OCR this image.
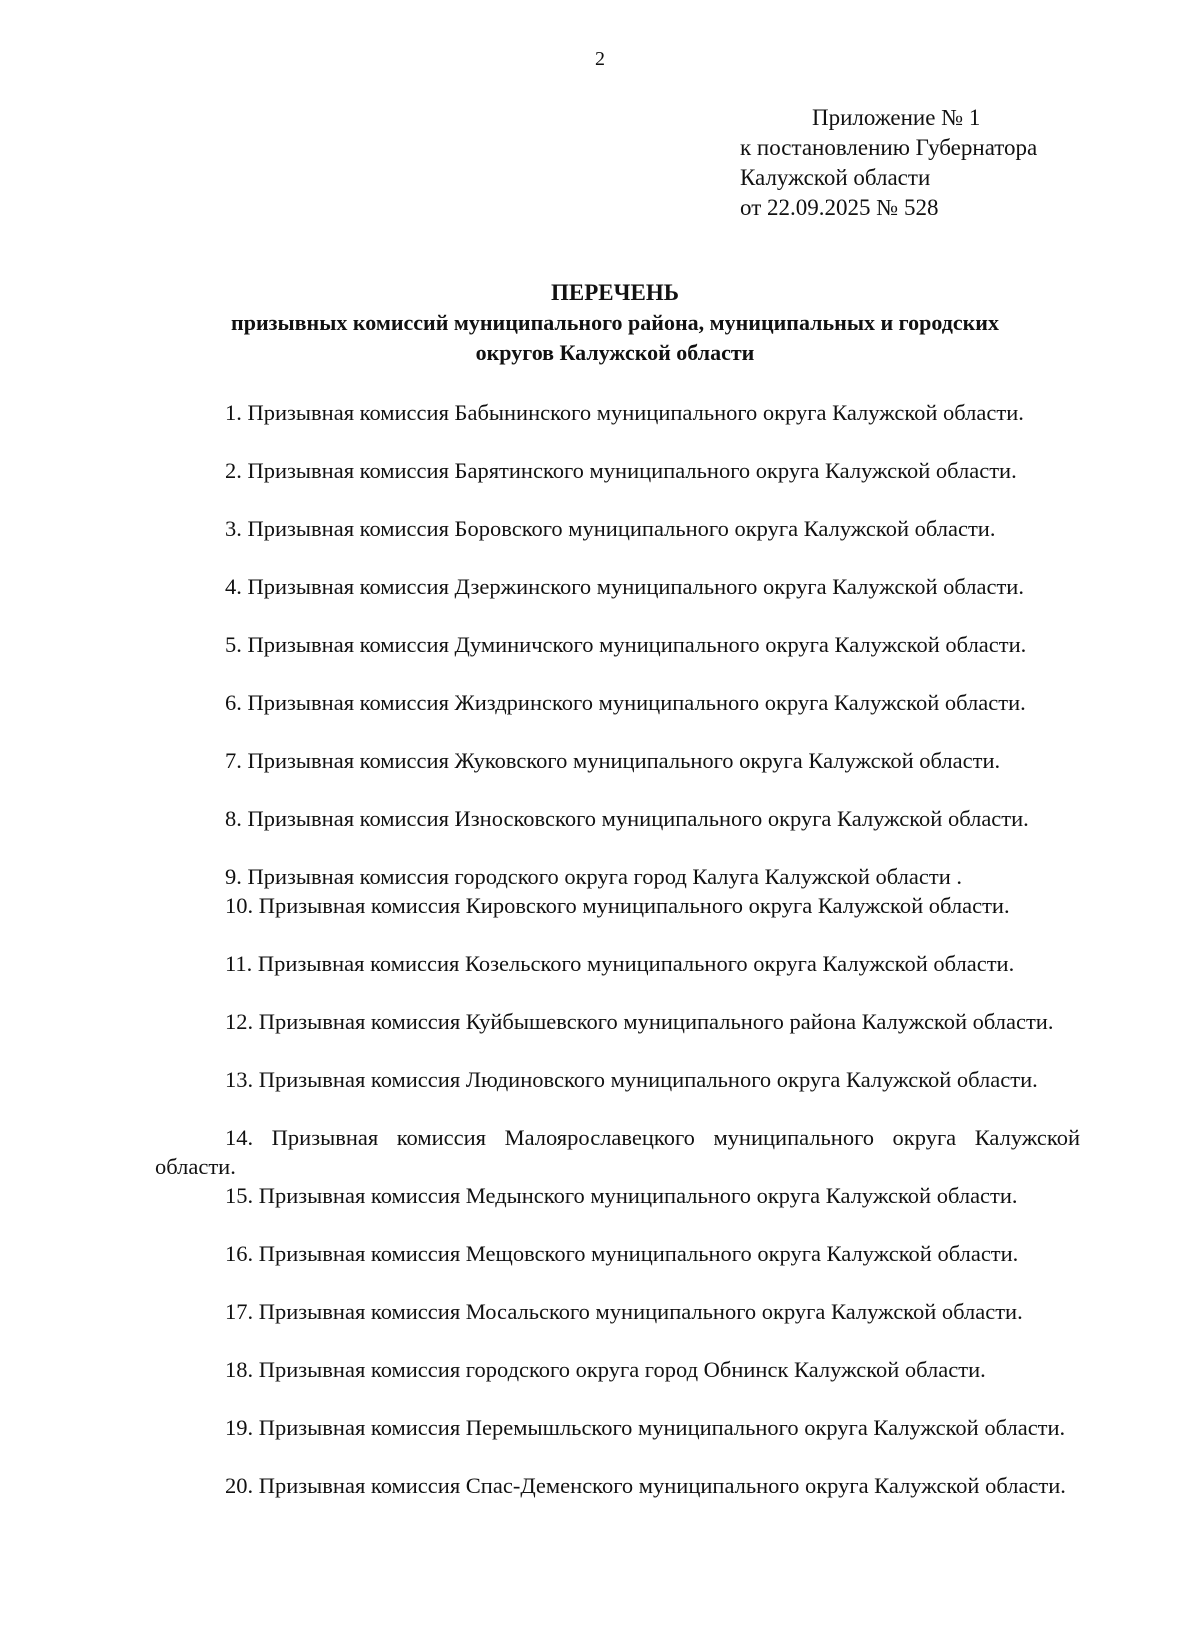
2
Приложение № 1
к постановлению Губернатора
Калужской области
от 22.09.2025 № 528
ПЕРЕЧЕНЬ
призывных комиссий муниципального района, муниципальных и городских
округов Калужской области

1. Призывная комиссия Бабынинского муниципального округа Калужской области.

2. Призывная комиссия Барятинского муниципального округа Калужской области.

3. Призывная комиссия Боровского муниципального округа Калужской области.

4. Призывная комиссия Дзержинского муниципального округа Калужской области.

5. Призывная комиссия Думиничского муниципального округа Калужской области.

6. Призывная комиссия Жиздринского муниципального округа Калужской области.

7. Призывная комиссия Жуковского муниципального округа Калужской области.

8. Призывная комиссия Износковского муниципального округа Калужской области.

9. Призывная комиссия городского округа город Калуга Калужской области .

10. Призывная комиссия Кировского муниципального округа Калужской области.

11. Призывная комиссия Козельского муниципального округа Калужской области.

12. Призывная комиссия Куйбышевского муниципального района Калужской области.

13. Призывная комиссия Людиновского муниципального округа Калужской области.

14. Призывная комиссия Малоярославецкого муниципального округа Калужской области.

15. Призывная комиссия Медынского муниципального округа Калужской области.

16. Призывная комиссия Мещовского муниципального округа Калужской области.

17. Призывная комиссия Мосальского муниципального округа Калужской области.

18. Призывная комиссия городского округа город Обнинск Калужской области.

19. Призывная комиссия Перемышльского муниципального округа Калужской области.

20. Призывная комиссия Спас-Деменского муниципального округа Калужской области.
